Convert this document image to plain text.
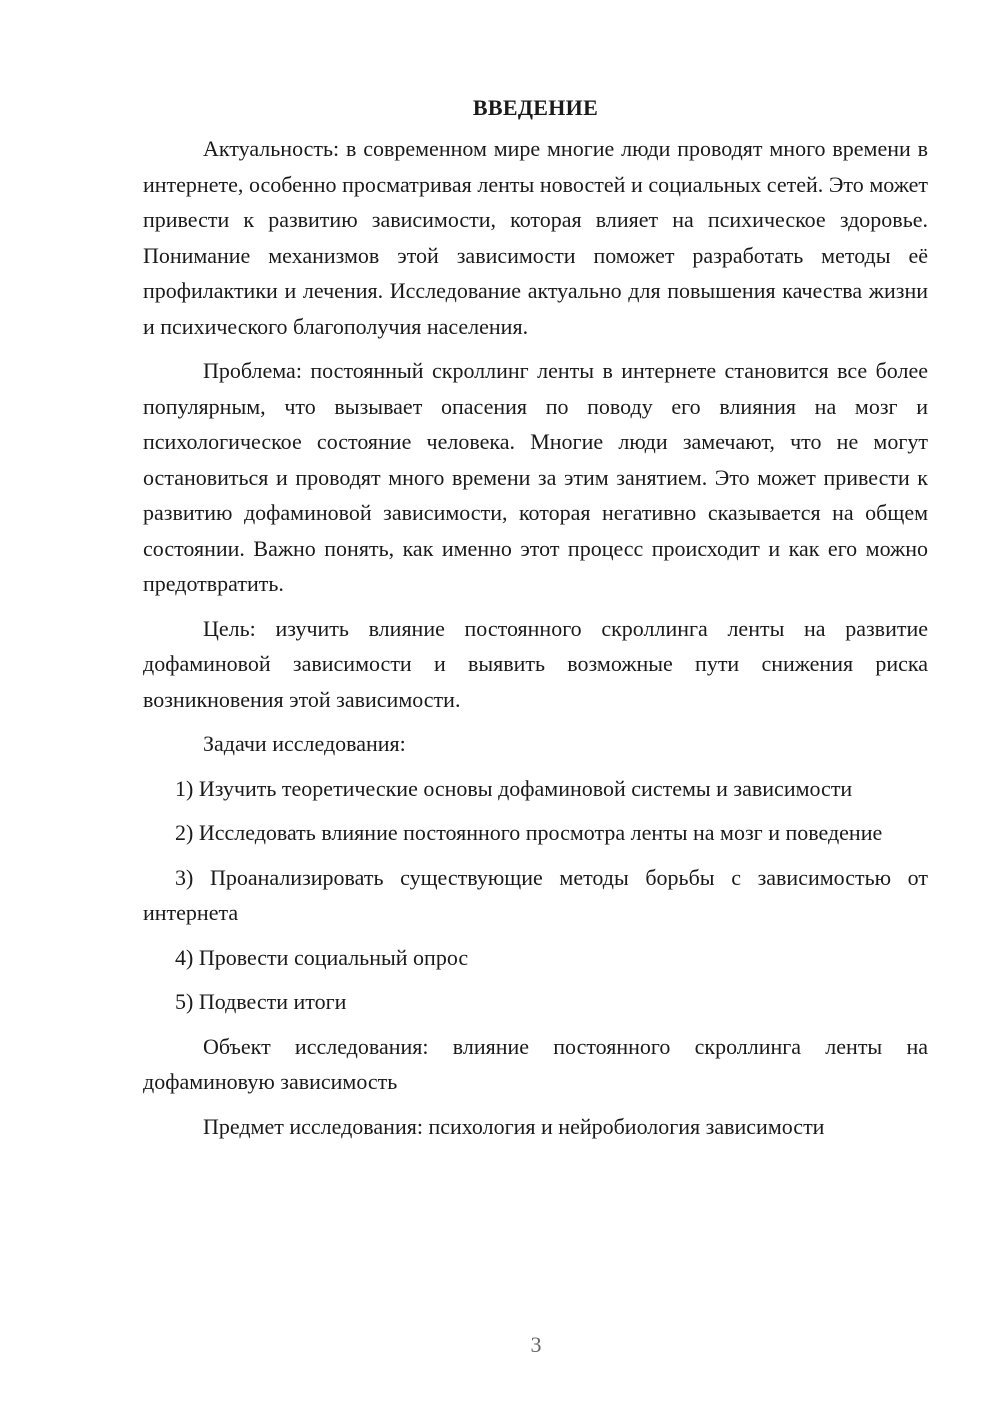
ВВЕДЕНИЕ

Актуальность: в современном мире многие люди проводят много времени в интернете, особенно просматривая ленты новостей и социальных сетей. Это может привести к развитию зависимости, которая влияет на психическое здоровье. Понимание механизмов этой зависимости поможет разработать методы её профилактики и лечения. Исследование актуально для повышения качества жизни и психического благополучия населения.

Проблема: постоянный скроллинг ленты в интернете становится все более популярным, что вызывает опасения по поводу его влияния на мозг и психологическое состояние человека. Многие люди замечают, что не могут остановиться и проводят много времени за этим занятием. Это может привести к развитию дофаминовой зависимости, которая негативно сказывается на общем состоянии. Важно понять, как именно этот процесс происходит и как его можно предотвратить.

Цель: изучить влияние постоянного скроллинга ленты на развитие дофаминовой зависимости и выявить возможные пути снижения риска возникновения этой зависимости.

Задачи исследования:

1) Изучить теоретические основы дофаминовой системы и зависимости

2) Исследовать влияние постоянного просмотра ленты на мозг и поведение

3) Проанализировать существующие методы борьбы с зависимостью от интернета

4) Провести социальный опрос

5) Подвести итоги

Объект исследования: влияние постоянного скроллинга ленты на дофаминовую зависимость

Предмет исследования: психология и нейробиология зависимости

3
